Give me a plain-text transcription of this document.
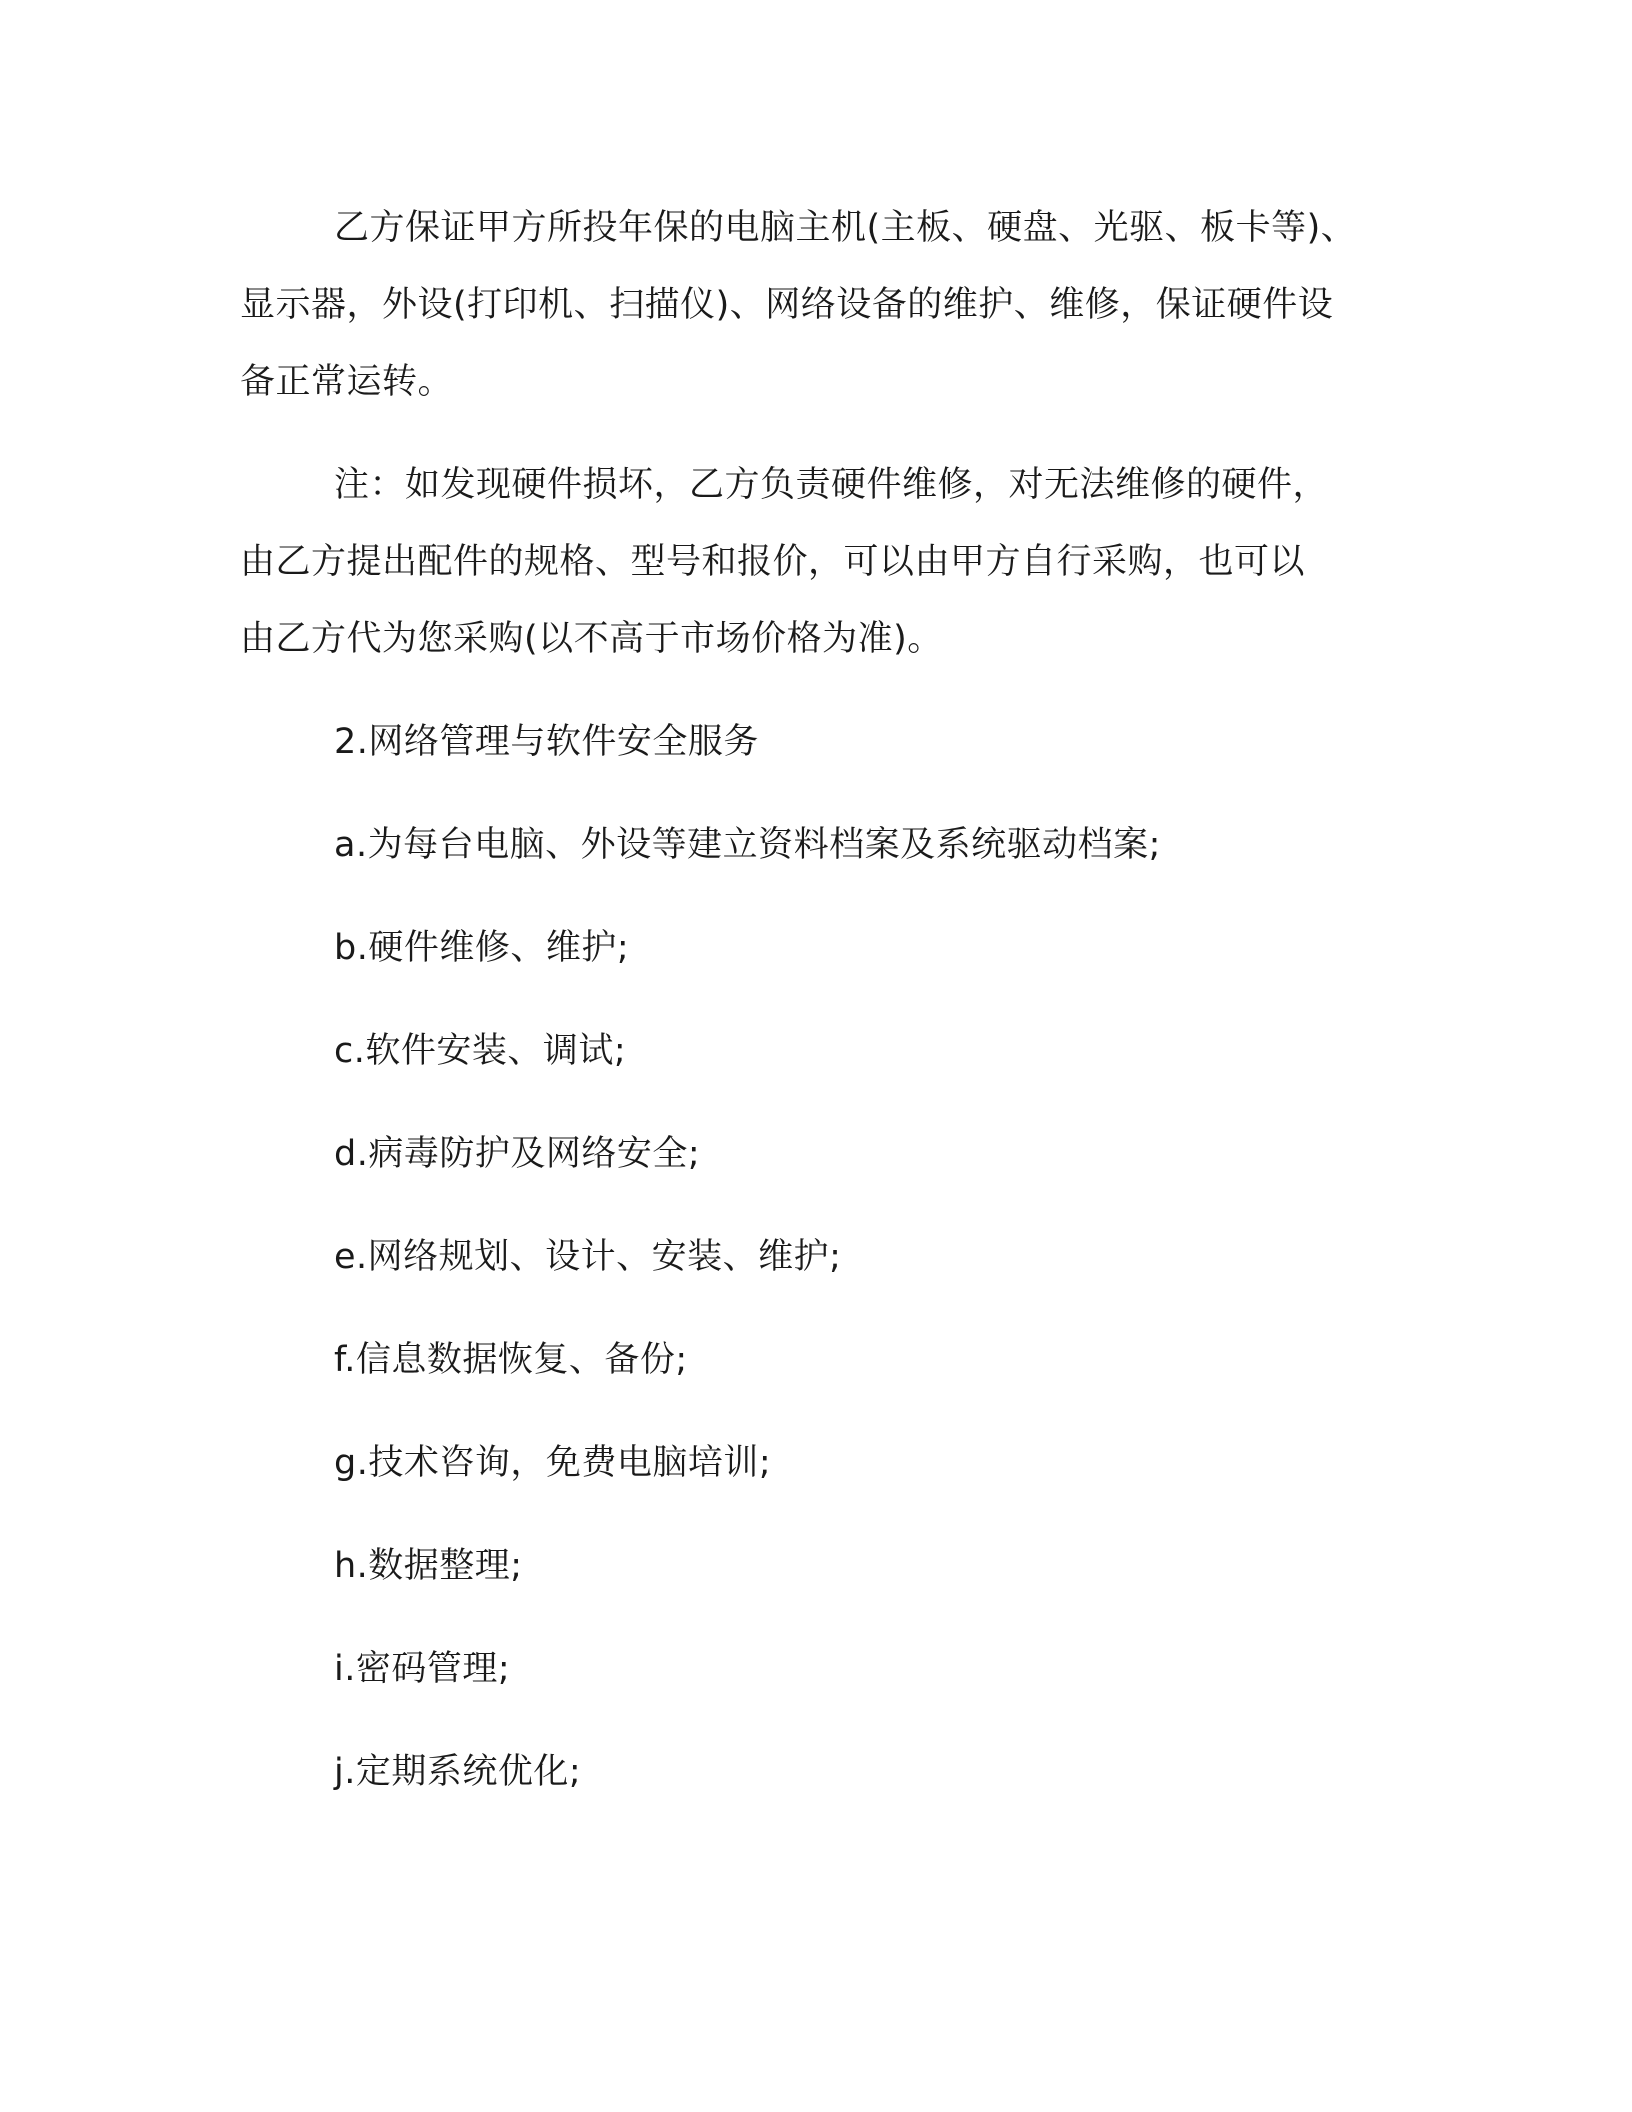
乙方保证甲方所投年保的电脑主机(主板、硬盘、光驱、板卡等)、
显示器，外设(打印机、扫描仪)、网络设备的维护、维修，保证硬件设
备正常运转。

注：如发现硬件损坏，乙方负责硬件维修，对无法维修的硬件，
由乙方提出配件的规格、型号和报价，可以由甲方自行采购，也可以
由乙方代为您采购(以不高于市场价格为准)。

2.网络管理与软件安全服务
a.为每台电脑、外设等建立资料档案及系统驱动档案;
b.硬件维修、维护;
c.软件安装、调试;
d.病毒防护及网络安全;
e.网络规划、设计、安装、维护;
f.信息数据恢复、备份;
g.技术咨询，免费电脑培训;
h.数据整理;
i.密码管理;
j.定期系统优化;
